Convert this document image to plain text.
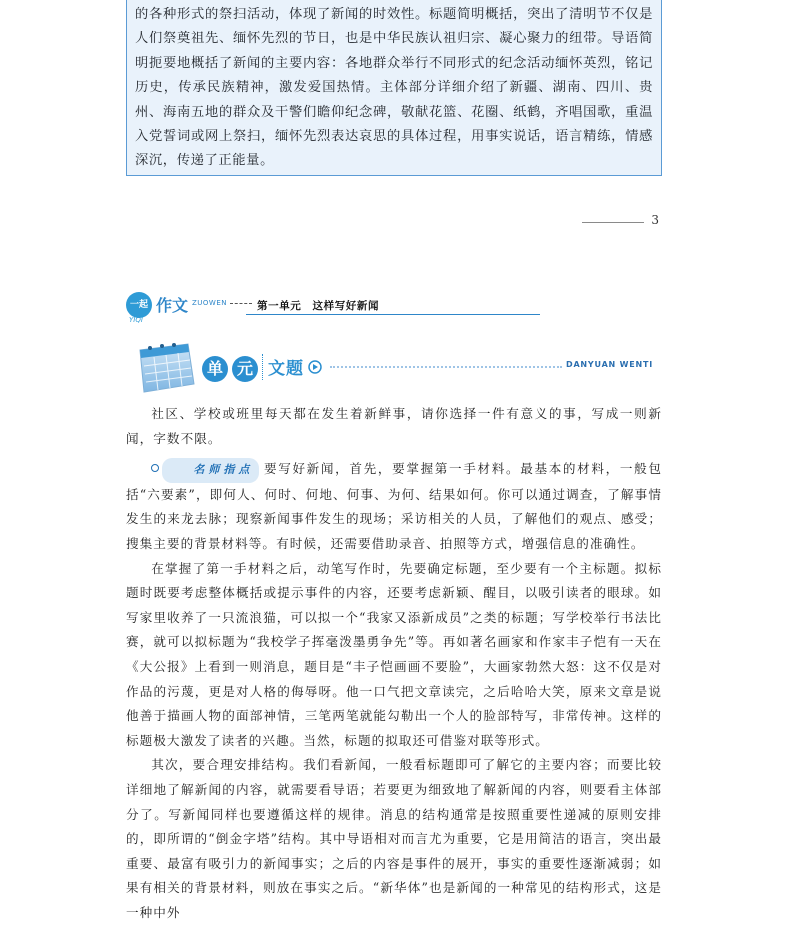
的各种形式的祭扫活动，体现了新闻的时效性。标题简明概括，突出了清明节不仅是人们祭奠祖先、缅怀先烈的节日，也是中华民族认祖归宗、凝心聚力的纽带。导语简明扼要地概括了新闻的主要内容：各地群众举行不同形式的纪念活动缅怀英烈，铭记历史，传承民族精神，激发爱国热情。主体部分详细介绍了新疆、湖南、四川、贵州、海南五地的群众及干警们瞻仰纪念碑，敬献花篮、花圈、纸鹤，齐唱国歌，重温入党誓词或网上祭扫，缅怀先烈表达哀思的具体过程，用事实说话，语言精练，情感深沉，传递了正能量。

3
一起
YIQI
作文 ZUOWEN	第一单元　这样写好新闻
单 元 文题	DANYUAN WENTI

社区、学校或班里每天都在发生着新鲜事，请你选择一件有意义的事，写成一则新闻，字数不限。

名师指点 要写好新闻，首先，要掌握第一手材料。最基本的材料，一般包括“六要素”，即何人、何时、何地、何事、为何、结果如何。你可以通过调查，了解事情发生的来龙去脉；现察新闻事件发生的现场；采访相关的人员，了解他们的观点、感受；搜集主要的背景材料等。有时候，还需要借助录音、拍照等方式，增强信息的准确性。

在掌握了第一手材料之后，动笔写作时，先要确定标题，至少要有一个主标题。拟标题时既要考虑整体概括或提示事件的内容，还要考虑新颖、醒目，以吸引读者的眼球。如写家里收养了一只流浪猫，可以拟一个“我家又添新成员”之类的标题；写学校举行书法比赛，就可以拟标题为“我校学子挥毫泼墨勇争先”等。再如著名画家和作家丰子恺有一天在《大公报》上看到一则消息，题目是“丰子恺画画不要脸”，大画家勃然大怒：这不仅是对作品的污蔑，更是对人格的侮辱呀。他一口气把文章读完，之后哈哈大笑，原来文章是说他善于描画人物的面部神情，三笔两笔就能勾勒出一个人的脸部特写，非常传神。这样的标题极大激发了读者的兴趣。当然，标题的拟取还可借鉴对联等形式。

其次，要合理安排结构。我们看新闻，一般看标题即可了解它的主要内容；而要比较详细地了解新闻的内容，就需要看导语；若要更为细致地了解新闻的内容，则要看主体部分了。写新闻同样也要遵循这样的规律。消息的结构通常是按照重要性递减的原则安排的，即所谓的“倒金字塔”结构。其中导语相对而言尤为重要，它是用简洁的语言，突出最重要、最富有吸引力的新闻事实；之后的内容是事件的展开，事实的重要性逐渐减弱；如果有相关的背景材料，则放在事实之后。“新华体”也是新闻的一种常见的结构形式，这是一种中外
